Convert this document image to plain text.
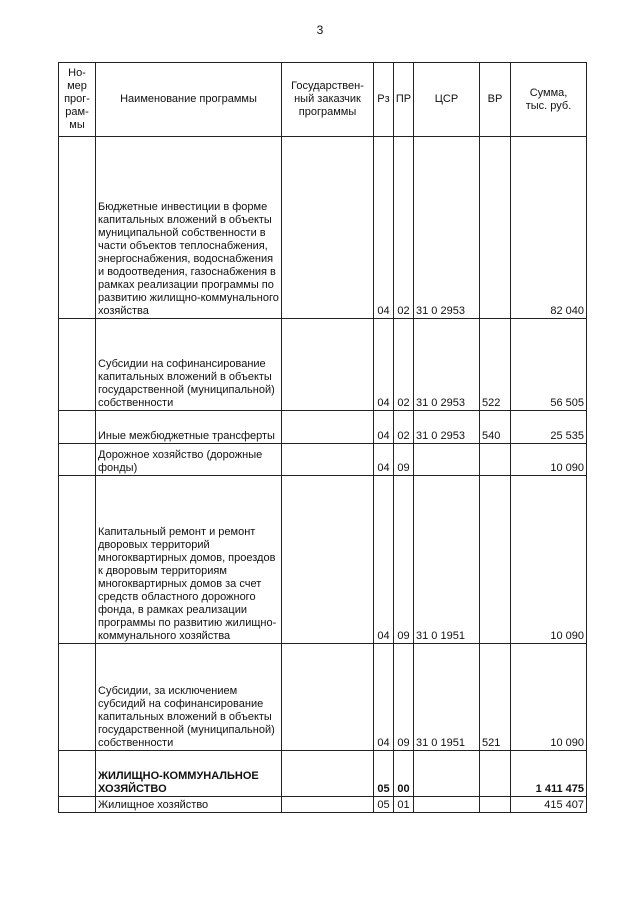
3
Но-
мер
прог-
рам-
мы	Наименование программы	Государствен-
ный заказчик
программы	Рз	ПР	ЦСР	ВР	Сумма,
тыс. руб.
	Бюджетные инвестиции в форме капитальных вложений в объекты муниципальной собственности в части объектов теплоснабжения, энергоснабжения, водоснабжения и водоотведения, газоснабжения в рамках реализации программы по развитию жилищно-коммунального хозяйства		04	02	31 0 2953		82 040
	Субсидии на софинансирование капитальных вложений в объекты государственной (муниципальной) собственности		04	02	31 0 2953	522	56 505
	Иные межбюджетные трансферты		04	02	31 0 2953	540	25 535
	Дорожное хозяйство (дорожные фонды)		04	09			10 090
	Капитальный ремонт и ремонт дворовых территорий многоквартирных домов, проездов к дворовым территориям многоквартирных домов за счет средств областного дорожного фонда, в рамках реализации программы по развитию жилищно-коммунального хозяйства		04	09	31 0 1951		10 090
	Субсидии, за исключением субсидий на софинансирование капитальных вложений в объекты государственной (муниципальной) собственности		04	09	31 0 1951	521	10 090
	ЖИЛИЩНО-КОММУНАЛЬНОЕ ХОЗЯЙСТВО		05	00			1 411 475
	Жилищное хозяйство		05	01			415 407
